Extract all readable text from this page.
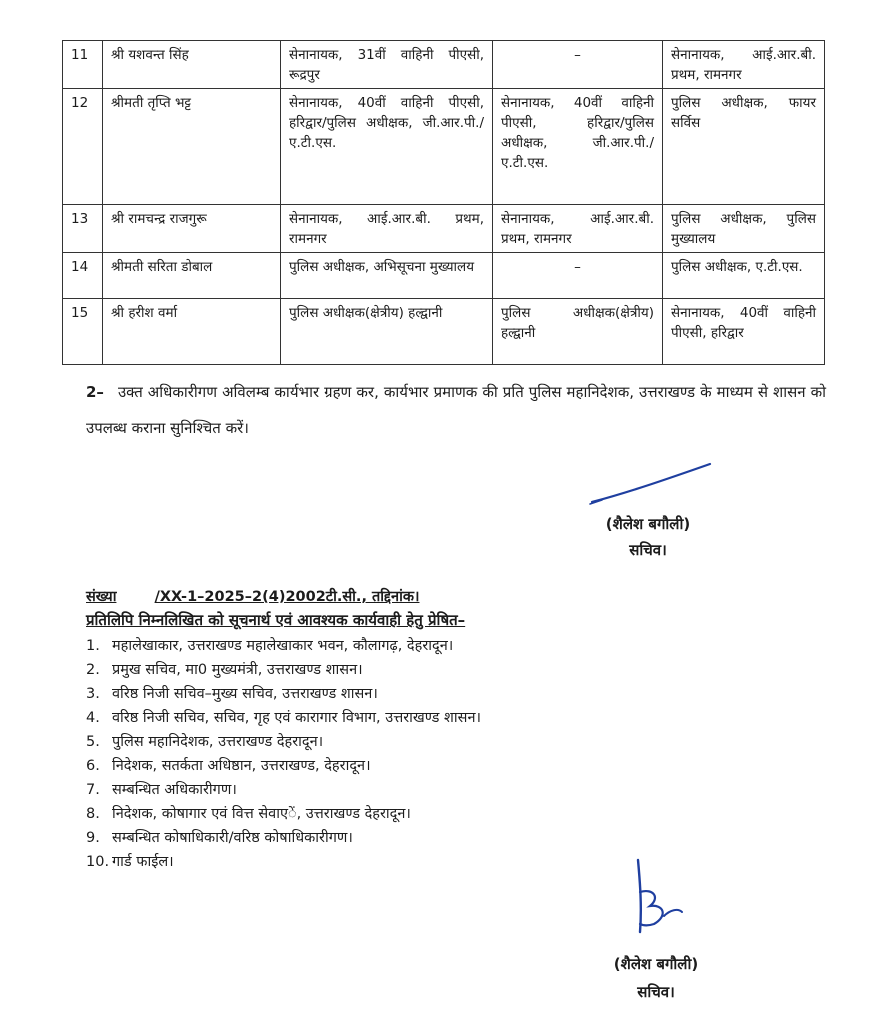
11	श्री यशवन्त सिंह	सेनानायक, 31वीं वाहिनी पीएसी, रूद्रपुर	–	सेनानायक, आई.आर.बी. प्रथम, रामनगर
12	श्रीमती तृप्ति भट्ट	सेनानायक, 40वीं वाहिनी पीएसी, हरिद्वार/पुलिस अधीक्षक, जी.आर.पी./ए.टी.एस.	सेनानायक, 40वीं वाहिनी पीएसी, हरिद्वार/पुलिस अधीक्षक, जी.आर.पी./ए.टी.एस.	पुलिस अधीक्षक, फायर सर्विस
13	श्री रामचन्द्र राजगुरू	सेनानायक, आई.आर.बी. प्रथम, रामनगर	सेनानायक, आई.आर.बी. प्रथम, रामनगर	पुलिस अधीक्षक, पुलिस मुख्यालय
14	श्रीमती सरिता डोबाल	पुलिस अधीक्षक, अभिसूचना मुख्यालय	–	पुलिस अधीक्षक, ए.टी.एस.
15	श्री हरीश वर्मा	पुलिस अधीक्षक(क्षेत्रीय) हल्द्वानी	पुलिस अधीक्षक(क्षेत्रीय) हल्द्वानी	सेनानायक, 40वीं वाहिनी पीएसी, हरिद्वार
2– उक्त अधिकारीगण अविलम्ब कार्यभार ग्रहण कर, कार्यभार प्रमाणक की प्रति पुलिस महानिदेशक, उत्तराखण्ड के माध्यम से शासन को उपलब्ध कराना सुनिश्चित करें।
(शैलेश बगौली)
सचिव।
संख्या	/XX-1–2025–2(4)2002टी.सी., तद्दिनांक।
प्रतिलिपि निम्नलिखित को सूचनार्थ एवं आवश्यक कार्यवाही हेतु प्रेषित–
1. महालेखाकार, उत्तराखण्ड महालेखाकार भवन, कौलागढ़, देहरादून।
2. प्रमुख सचिव, मा0 मुख्यमंत्री, उत्तराखण्ड शासन।
3. वरिष्ठ निजी सचिव–मुख्य सचिव, उत्तराखण्ड शासन।
4. वरिष्ठ निजी सचिव, सचिव, गृह एवं कारागार विभाग, उत्तराखण्ड शासन।
5. पुलिस महानिदेशक, उत्तराखण्ड देहरादून।
6. निदेशक, सतर्कता अधिष्ठान, उत्तराखण्ड, देहरादून।
7. सम्बन्धित अधिकारीगण।
8. निदेशक, कोषागार एवं वित्त सेवाएें, उत्तराखण्ड देहरादून।
9. सम्बन्धित कोषाधिकारी/वरिष्ठ कोषाधिकारीगण।
10. गार्ड फाईल।
(शैलेश बगौली)
सचिव।
